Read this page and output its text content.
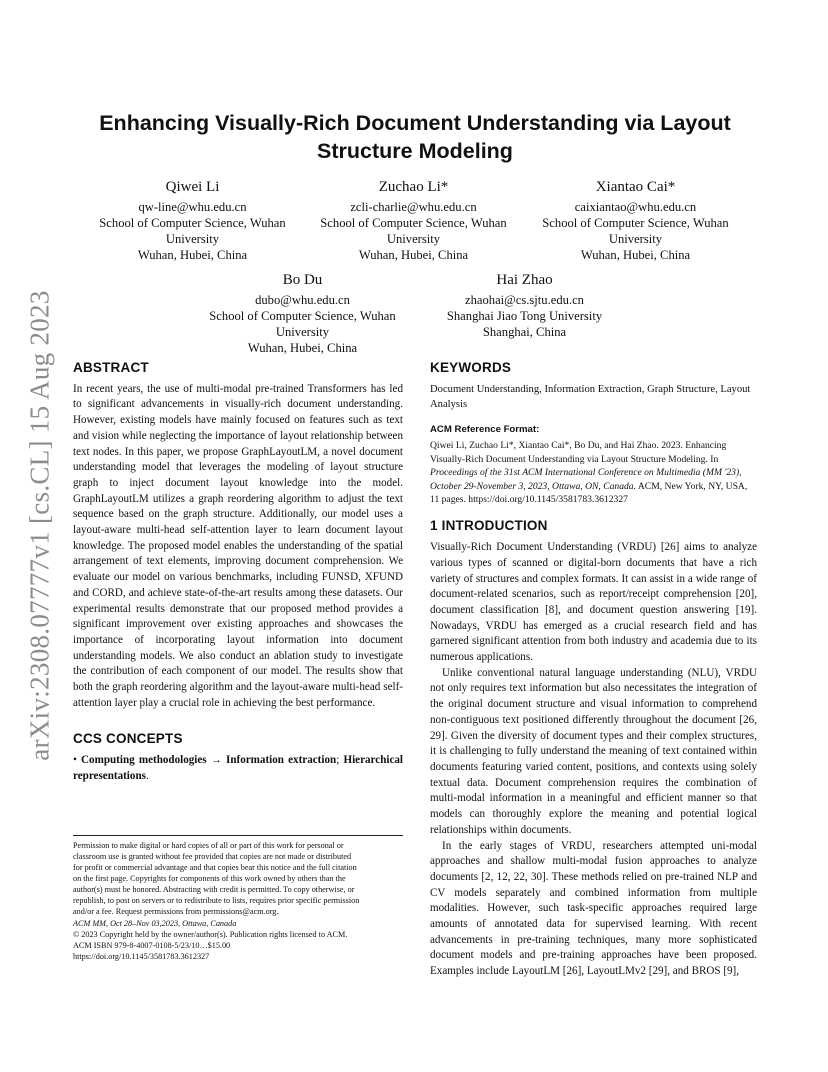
arXiv:2308.07777v1 [cs.CL] 15 Aug 2023
Enhancing Visually-Rich Document Understanding via Layout Structure Modeling
Qiwei Li
qw-line@whu.edu.cn
School of Computer Science, Wuhan
University
Wuhan, Hubei, China
Zuchao Li*
zcli-charlie@whu.edu.cn
School of Computer Science, Wuhan
University
Wuhan, Hubei, China
Xiantao Cai*
caixiantao@whu.edu.cn
School of Computer Science, Wuhan
University
Wuhan, Hubei, China
Bo Du
dubo@whu.edu.cn
School of Computer Science, Wuhan
University
Wuhan, Hubei, China
Hai Zhao
zhaohai@cs.sjtu.edu.cn
Shanghai Jiao Tong University
Shanghai, China
ABSTRACT

In recent years, the use of multi-modal pre-trained Transformers has led to significant advancements in visually-rich document understanding. However, existing models have mainly focused on features such as text and vision while neglecting the importance of layout relationship between text nodes. In this paper, we propose GraphLayoutLM, a novel document understanding model that leverages the modeling of layout structure graph to inject document layout knowledge into the model. GraphLayoutLM utilizes a graph reordering algorithm to adjust the text sequence based on the graph structure. Additionally, our model uses a layout-aware multi-head self-attention layer to learn document layout knowledge. The proposed model enables the understanding of the spatial arrangement of text elements, improving document comprehension. We evaluate our model on various benchmarks, including FUNSD, XFUND and CORD, and achieve state-of-the-art results among these datasets. Our experimental results demonstrate that our proposed method provides a significant improvement over existing approaches and showcases the importance of incorporating layout information into document understanding models. We also conduct an ablation study to investigate the contribution of each component of our model. The results show that both the graph reordering algorithm and the layout-aware multi-head self-attention layer play a crucial role in achieving the best performance.

CCS CONCEPTS

• Computing methodologies → Information extraction; Hierarchical representations.

Permission to make digital or hard copies of all or part of this work for personal or
classroom use is granted without fee provided that copies are not made or distributed
for profit or commercial advantage and that copies bear this notice and the full citation
on the first page. Copyrights for components of this work owned by others than the
author(s) must be honored. Abstracting with credit is permitted. To copy otherwise, or
republish, to post on servers or to redistribute to lists, requires prior specific permission
and/or a fee. Request permissions from permissions@acm.org.
ACM MM, Oct 28–Nov 03,2023, Ottawa, Canada
© 2023 Copyright held by the owner/author(s). Publication rights licensed to ACM.
ACM ISBN 979-8-4007-0108-5/23/10…$15.00
https://doi.org/10.1145/3581783.3612327
KEYWORDS

Document Understanding, Information Extraction, Graph Structure, Layout Analysis

ACM Reference Format:

Qiwei Li, Zuchao Li*, Xiantao Cai*, Bo Du, and Hai Zhao. 2023. Enhancing Visually-Rich Document Understanding via Layout Structure Modeling. In Proceedings of the 31st ACM International Conference on Multimedia (MM '23), October 29-November 3, 2023, Ottawa, ON, Canada. ACM, New York, NY, USA, 11 pages. https://doi.org/10.1145/3581783.3612327

1 INTRODUCTION

Visually-Rich Document Understanding (VRDU) [26] aims to analyze various types of scanned or digital-born documents that have a rich variety of structures and complex formats. It can assist in a wide range of document-related scenarios, such as report/receipt comprehension [20], document classification [8], and document question answering [19]. Nowadays, VRDU has emerged as a crucial research field and has garnered significant attention from both industry and academia due to its numerous applications.

Unlike conventional natural language understanding (NLU), VRDU not only requires text information but also necessitates the integration of the original document structure and visual information to comprehend non-contiguous text positioned differently throughout the document [26, 29]. Given the diversity of document types and their complex structures, it is challenging to fully understand the meaning of text contained within documents featuring varied content, positions, and contexts using solely textual data. Document comprehension requires the combination of multi-modal information in a meaningful and efficient manner so that models can thoroughly explore the meaning and potential logical relationships within documents.

In the early stages of VRDU, researchers attempted uni-modal approaches and shallow multi-modal fusion approaches to analyze documents [2, 12, 22, 30]. These methods relied on pre-trained NLP and CV models separately and combined information from multiple modalities. However, such task-specific approaches required large amounts of annotated data for supervised learning. With recent advancements in pre-training techniques, many more sophisticated document models and pre-training approaches have been proposed. Examples include LayoutLM [26], LayoutLMv2 [29], and BROS [9],
